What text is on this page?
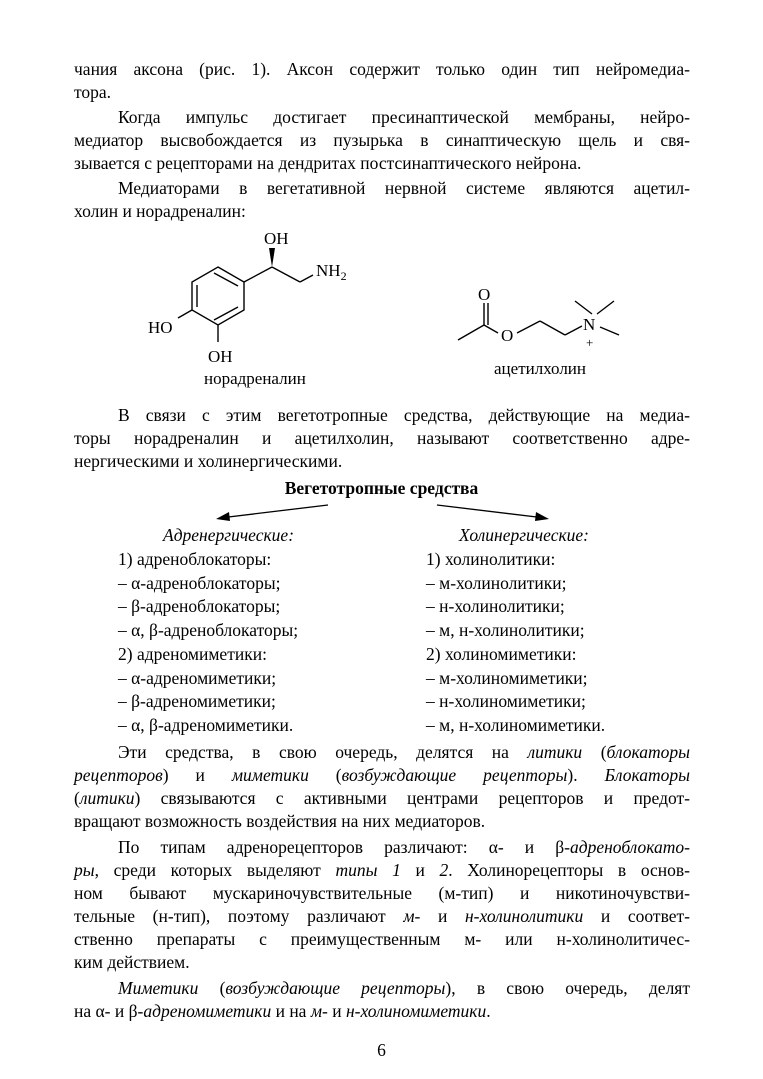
чания аксона (рис. 1). Аксон содержит только один тип нейромедиа-
тора.
Когда импульс достигает пресинаптической мембраны, нейро-
медиатор высвобождается из пузырька в синаптическую щель и свя-
зывается с рецепторами на дендритах постсинаптического нейрона.
Медиаторами в вегетативной нервной системе являются ацетил-
холин и норадреналин:
OH
$NH_2$
HO
OH
норадреналин
O
O
N
+
ацетилхолин
В связи с этим вегетотропные средства, действующие на медиа-
торы норадреналин и ацетилхолин, называют соответственно адре-
нергическими и холинергическими.
Вегетотропные средства
Адренергические:	Холинергические:
1) адреноблокаторы:
– α-адреноблокаторы;
– β-адреноблокаторы;
– α, β-адреноблокаторы;
2) адреномиметики:
– α-адреномиметики;
– β-адреномиметики;
– α, β-адреномиметики.
1) холинолитики:
– м-холинолитики;
– н-холинолитики;
– м, н-холинолитики;
2) холиномиметики:
– м-холиномиметики;
– н-холиномиметики;
– м, н-холиномиметики.
Эти средства, в свою очередь, делятся на литики (блокаторы
рецепторов) и миметики (возбуждающие рецепторы). Блокаторы
(литики) связываются с активными центрами рецепторов и предот-
вращают возможность воздействия на них медиаторов.
По типам адренорецепторов различают: α- и β-адреноблокато-
ры, среди которых выделяют типы 1 и 2. Холинорецепторы в основ-
ном бывают мускариночувствительные (м-тип) и никотиночувстви-
тельные (н-тип), поэтому различают м- и н-холинолитики и соответ-
ственно препараты с преимущественным м- или н-холинолитичес-
ким действием.
Миметики (возбуждающие рецепторы), в свою очередь, делят
на α- и β-адреномиметики и на м- и н-холиномиметики.
6
